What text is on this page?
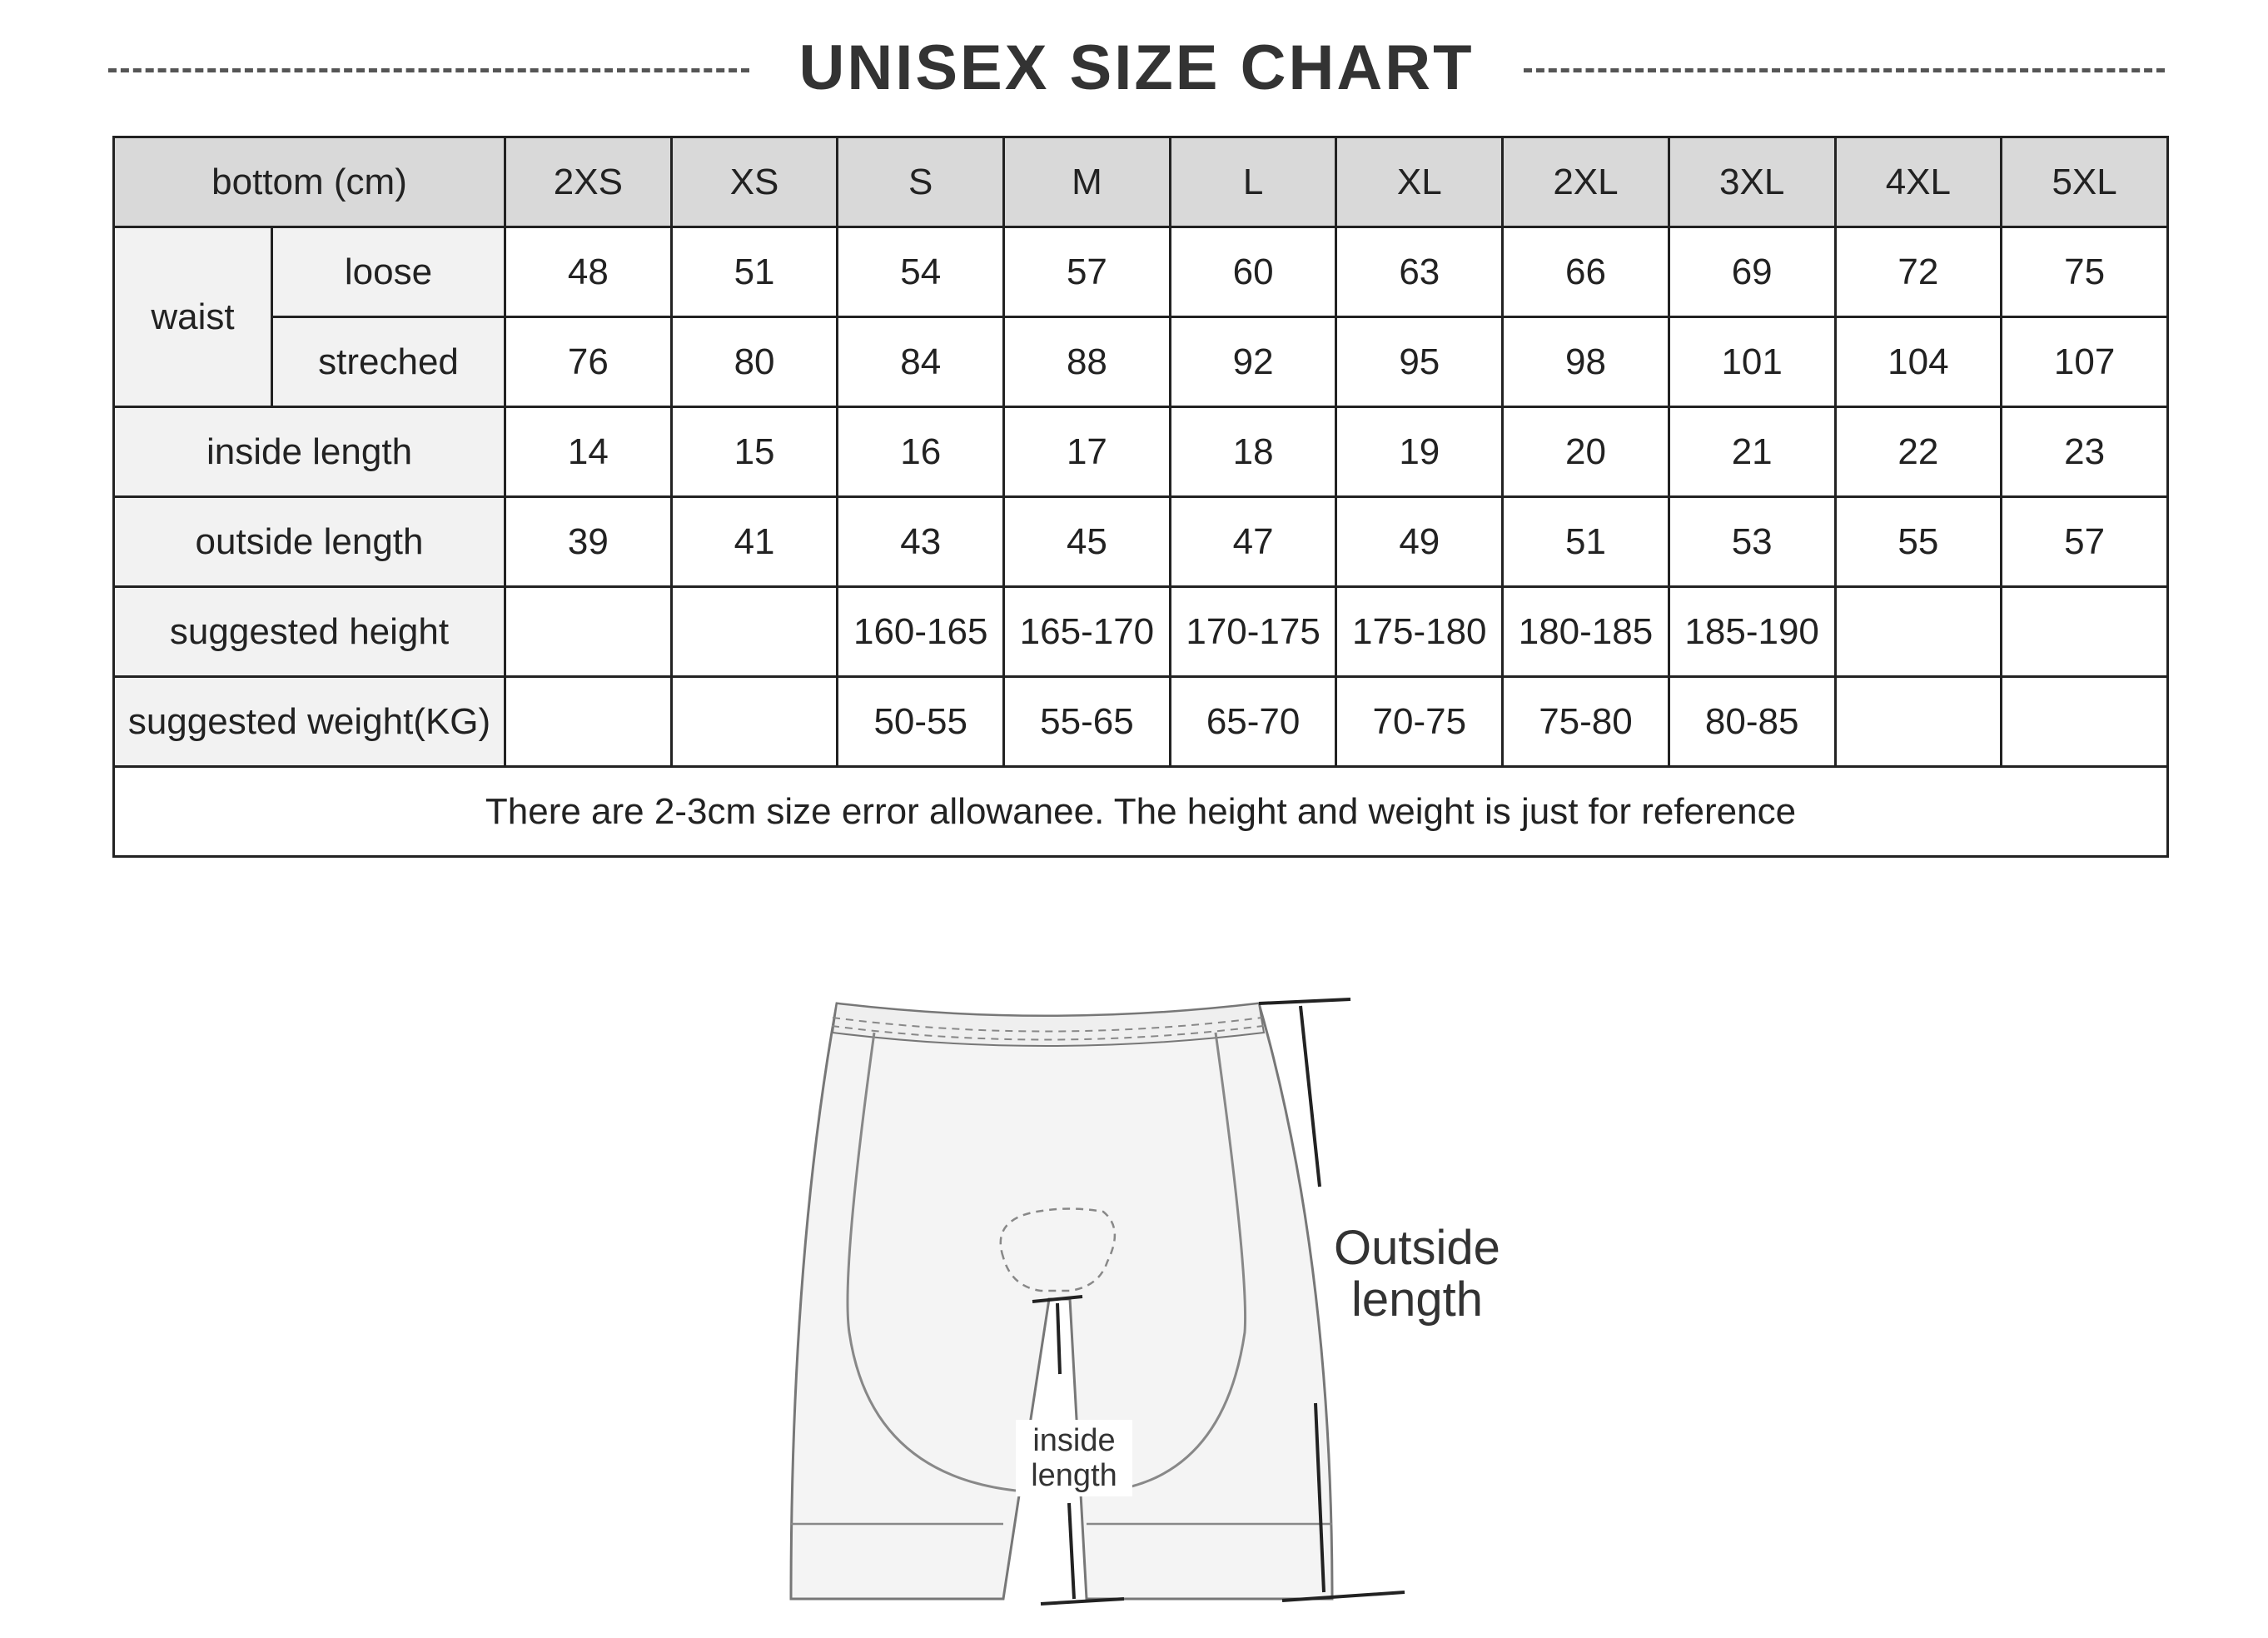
UNISEX SIZE CHART
bottom (cm)		2XS	XS	S	M	L	XL	2XL	3XL	4XL	5XL
waist	loose	48	51	54	57	60	63	66	69	72	75
	streched	76	80	84	88	92	95	98	101	104	107
inside length		14	15	16	17	18	19	20	21	22	23
outside length		39	41	43	45	47	49	51	53	55	57
suggested height				160-165	165-170	170-175	175-180	180-185	185-190		
suggested weight(KG)				50-55	55-65	65-70	70-75	75-80	80-85		
There are 2-3cm size error allowanee. The height and weight is just for reference											
Outside
length
inside
length
